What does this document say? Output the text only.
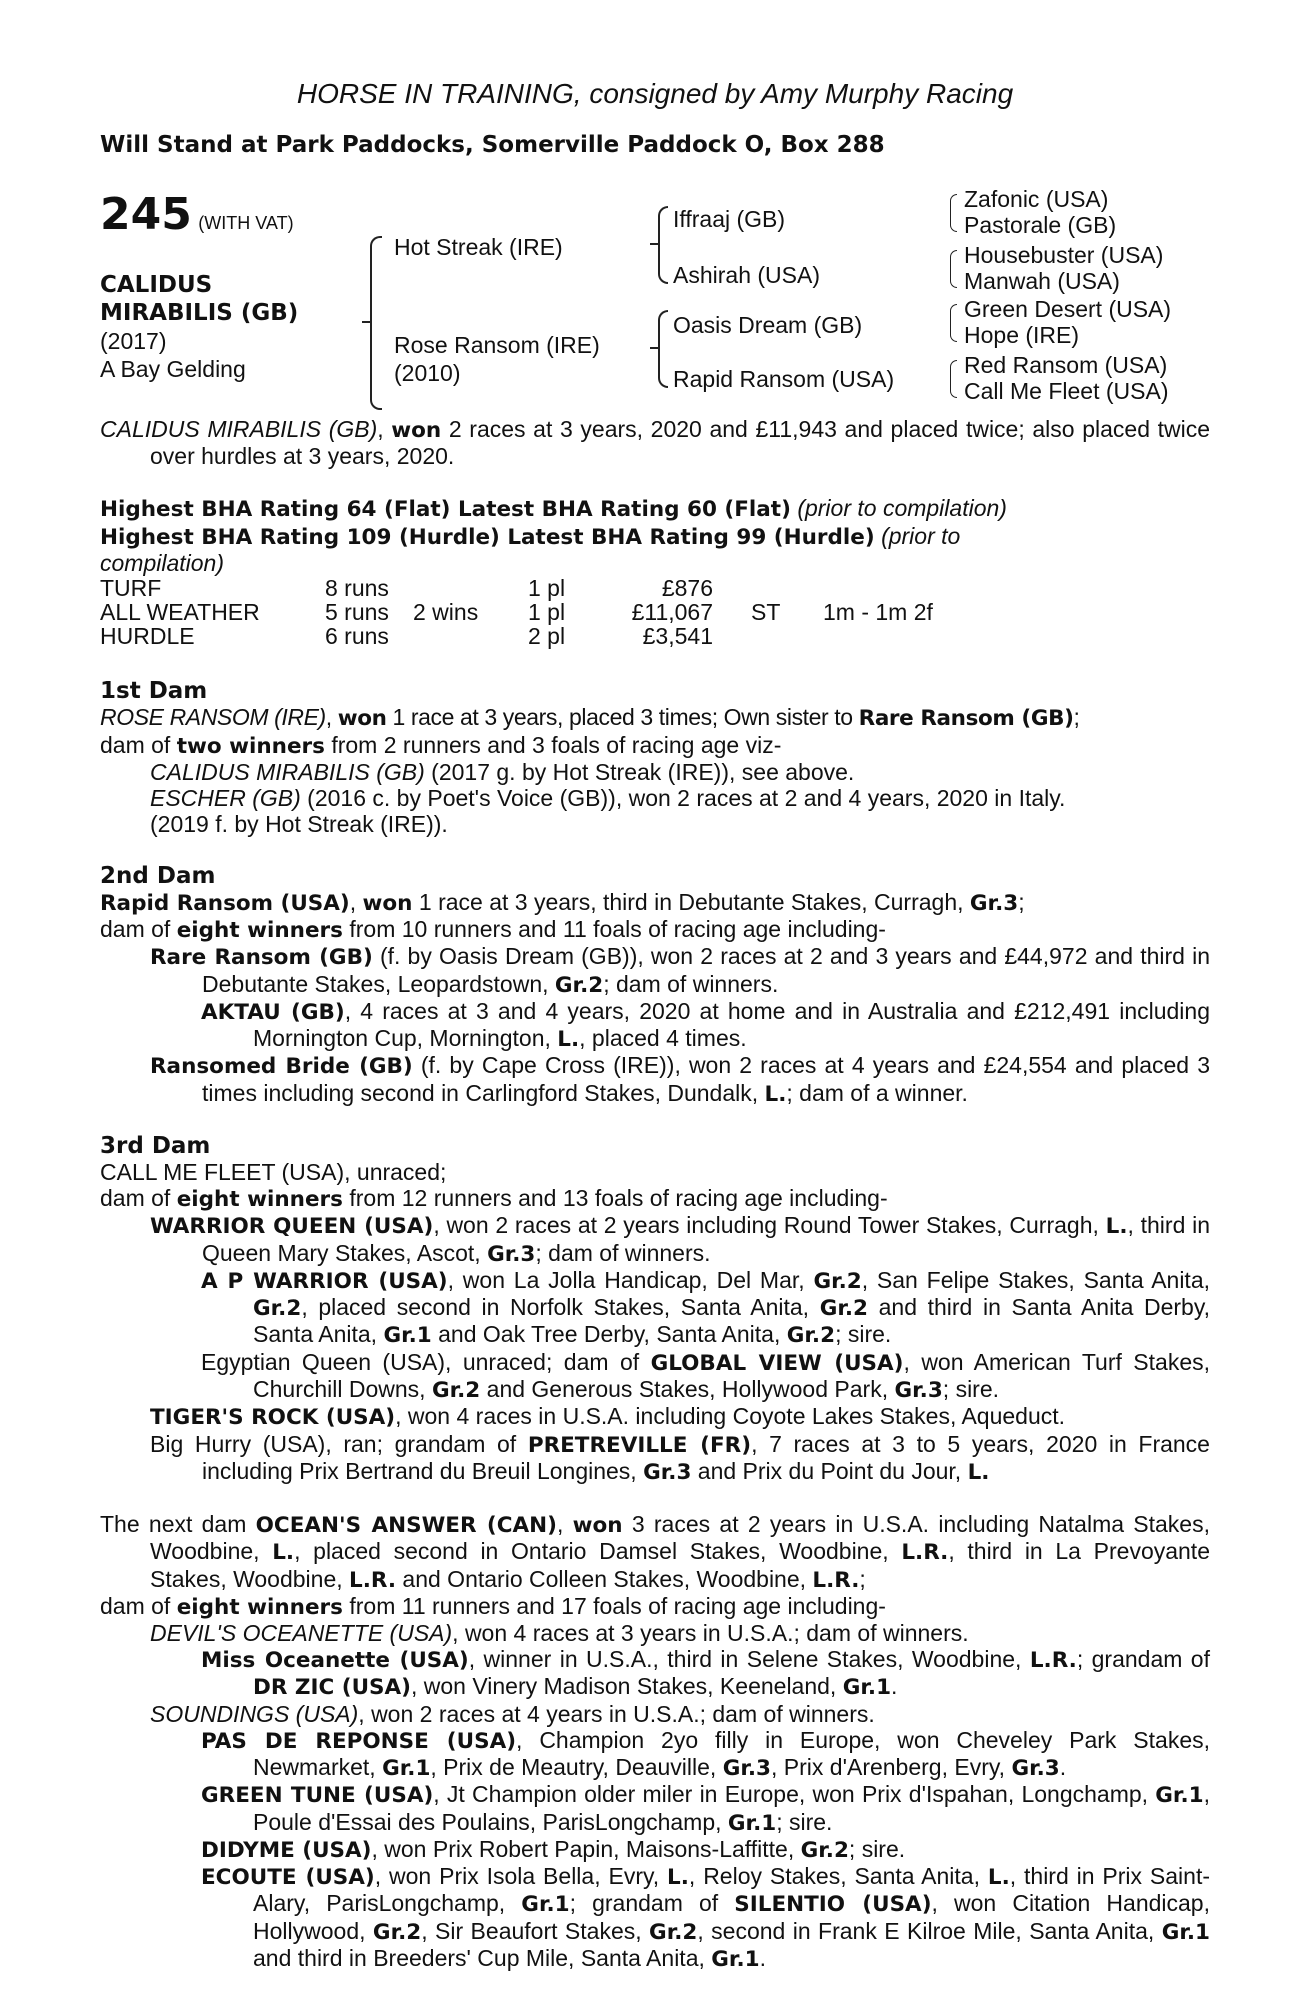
HORSE IN TRAINING, consigned by Amy Murphy Racing
Will Stand at Park Paddocks, Somerville Paddock O, Box 288
245 (WITH VAT)
CALIDUS
MIRABILIS (GB)
(2017)
A Bay Gelding
Hot Streak (IRE)
Rose Ransom (IRE)
(2010)
Iffraaj (GB)
Ashirah (USA)
Oasis Dream (GB)
Rapid Ransom (USA)
Zafonic (USA)
Pastorale (GB)
Housebuster (USA)
Manwah (USA)
Green Desert (USA)
Hope (IRE)
Red Ransom (USA)
Call Me Fleet (USA)

CALIDUS MIRABILIS (GB), won 2 races at 3 years, 2020 and £11,943 and placed twice; also placed twice over hurdles at 3 years, 2020.

Highest BHA Rating 64 (Flat) Latest BHA Rating 60 (Flat) (prior to compilation)

Highest BHA Rating 109 (Hurdle) Latest BHA Rating 99 (Hurdle) (prior to
compilation)

TURF	8 runs		1 pl	£876		
ALL WEATHER	5 runs	2 wins	1 pl	£11,067	ST	1m - 1m 2f
HURDLE	6 runs		2 pl	£3,541		

1st Dam

ROSE RANSOM (IRE), won 1 race at 3 years, placed 3 times; Own sister to Rare Ransom (GB);

dam of two winners from 2 runners and 3 foals of racing age viz-

CALIDUS MIRABILIS (GB) (2017 g. by Hot Streak (IRE)), see above.

ESCHER (GB) (2016 c. by Poet's Voice (GB)), won 2 races at 2 and 4 years, 2020 in Italy.

(2019 f. by Hot Streak (IRE)).

2nd Dam

Rapid Ransom (USA), won 1 race at 3 years, third in Debutante Stakes, Curragh, Gr.3;

dam of eight winners from 10 runners and 11 foals of racing age including-

Rare Ransom (GB) (f. by Oasis Dream (GB)), won 2 races at 2 and 3 years and £44,972 and third in Debutante Stakes, Leopardstown, Gr.2; dam of winners.

AKTAU (GB), 4 races at 3 and 4 years, 2020 at home and in Australia and £212,491 including Mornington Cup, Mornington, L., placed 4 times.

Ransomed Bride (GB) (f. by Cape Cross (IRE)), won 2 races at 4 years and £24,554 and placed 3 times including second in Carlingford Stakes, Dundalk, L.; dam of a winner.

3rd Dam

CALL ME FLEET (USA), unraced;

dam of eight winners from 12 runners and 13 foals of racing age including-

WARRIOR QUEEN (USA), won 2 races at 2 years including Round Tower Stakes, Curragh, L., third in Queen Mary Stakes, Ascot, Gr.3; dam of winners.

A P WARRIOR (USA), won La Jolla Handicap, Del Mar, Gr.2, San Felipe Stakes, Santa Anita, Gr.2, placed second in Norfolk Stakes, Santa Anita, Gr.2 and third in Santa Anita Derby, Santa Anita, Gr.1 and Oak Tree Derby, Santa Anita, Gr.2; sire.

Egyptian Queen (USA), unraced; dam of GLOBAL VIEW (USA), won American Turf Stakes, Churchill Downs, Gr.2 and Generous Stakes, Hollywood Park, Gr.3; sire.

TIGER'S ROCK (USA), won 4 races in U.S.A. including Coyote Lakes Stakes, Aqueduct.

Big Hurry (USA), ran; grandam of PRETREVILLE (FR), 7 races at 3 to 5 years, 2020 in France including Prix Bertrand du Breuil Longines, Gr.3 and Prix du Point du Jour, L.

The next dam OCEAN'S ANSWER (CAN), won 3 races at 2 years in U.S.A. including Natalma Stakes, Woodbine, L., placed second in Ontario Damsel Stakes, Woodbine, L.R., third in La Prevoyante Stakes, Woodbine, L.R. and Ontario Colleen Stakes, Woodbine, L.R.;

dam of eight winners from 11 runners and 17 foals of racing age including-

DEVIL'S OCEANETTE (USA), won 4 races at 3 years in U.S.A.; dam of winners.

Miss Oceanette (USA), winner in U.S.A., third in Selene Stakes, Woodbine, L.R.; grandam of DR ZIC (USA), won Vinery Madison Stakes, Keeneland, Gr.1.

SOUNDINGS (USA), won 2 races at 4 years in U.S.A.; dam of winners.

PAS DE REPONSE (USA), Champion 2yo filly in Europe, won Cheveley Park Stakes, Newmarket, Gr.1, Prix de Meautry, Deauville, Gr.3, Prix d'Arenberg, Evry, Gr.3.

GREEN TUNE (USA), Jt Champion older miler in Europe, won Prix d'Ispahan, Longchamp, Gr.1, Poule d'Essai des Poulains, ParisLongchamp, Gr.1; sire.

DIDYME (USA), won Prix Robert Papin, Maisons-Laffitte, Gr.2; sire.

ECOUTE (USA), won Prix Isola Bella, Evry, L., Reloy Stakes, Santa Anita, L., third in Prix Saint-Alary, ParisLongchamp, Gr.1; grandam of SILENTIO (USA), won Citation Handicap, Hollywood, Gr.2, Sir Beaufort Stakes, Gr.2, second in Frank E Kilroe Mile, Santa Anita, Gr.1 and third in Breeders' Cup Mile, Santa Anita, Gr.1.
